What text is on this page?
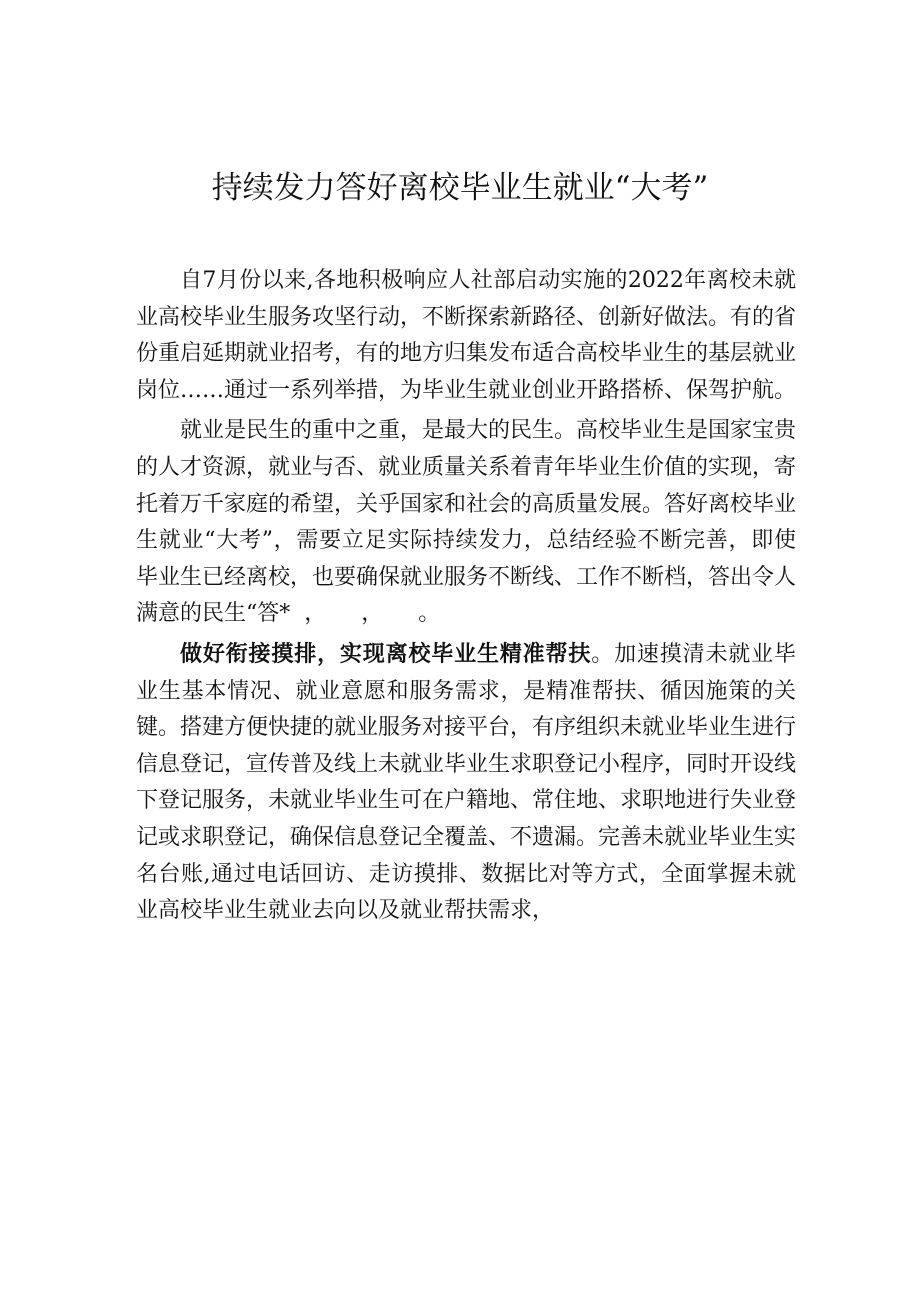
持续发力答好离校毕业生就业“大考”

自7月份以来,各地积极响应人社部启动实施的2022年离校未就业高校毕业生服务攻坚行动，不断探索新路径、创新好做法。有的省份重启延期就业招考，有的地方归集发布适合高校毕业生的基层就业岗位……通过一系列举措，为毕业生就业创业开路搭桥、保驾护航。

就业是民生的重中之重，是最大的民生。高校毕业生是国家宝贵的人才资源，就业与否、就业质量关系着青年毕业生价值的实现，寄托着万千家庭的希望，关乎国家和社会的高质量发展。答好离校毕业生就业“大考”，需要立足实际持续发力，总结经验不断完善，即使毕业生已经离校，也要确保就业服务不断线、工作不断档，答出令人满意的民生“答*， ， 。

做好衔接摸排，实现离校毕业生精准帮扶。加速摸清未就业毕业生基本情况、就业意愿和服务需求，是精准帮扶、循因施策的关键。搭建方便快捷的就业服务对接平台，有序组织未就业毕业生进行信息登记，宣传普及线上未就业毕业生求职登记小程序，同时开设线下登记服务，未就业毕业生可在户籍地、常住地、求职地进行失业登记或求职登记，确保信息登记全覆盖、不遗漏。完善未就业毕业生实名台账,通过电话回访、走访摸排、数据比对等方式，全面掌握未就业高校毕业生就业去向以及就业帮扶需求，
